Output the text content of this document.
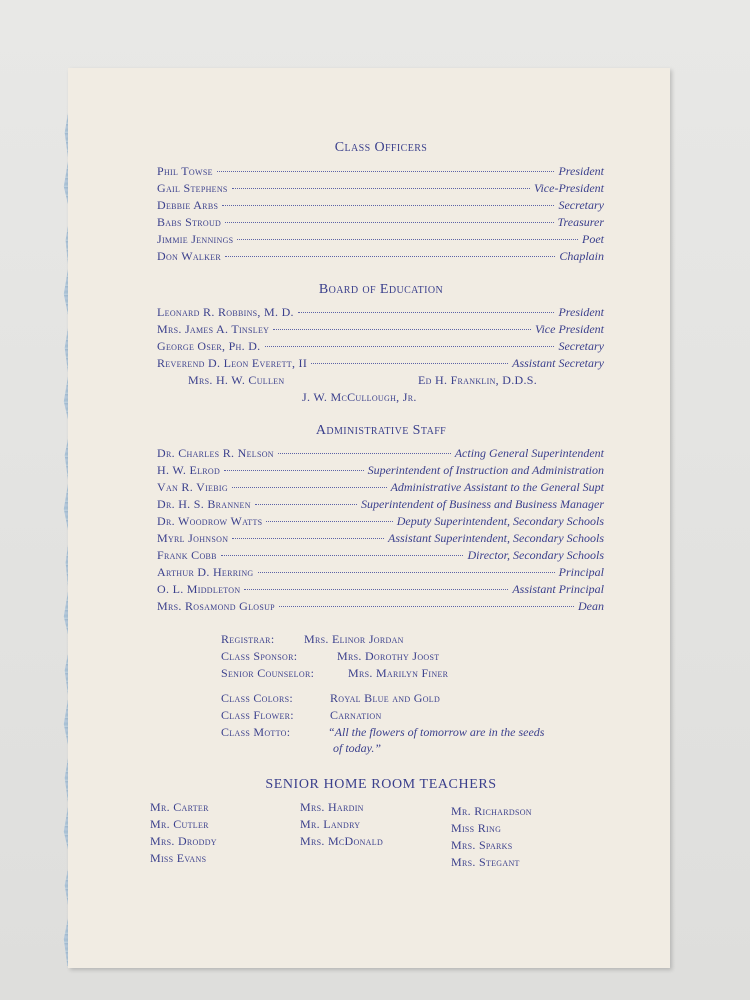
Class Officers
Phil Towse	President
Gail Stephens	Vice-President
Debbie Arbs	Secretary
Babs Stroud	Treasurer
Jimmie Jennings	Poet
Don Walker	Chaplain
Board of Education
Leonard R. Robbins, M. D.	President
Mrs. James A. Tinsley	Vice President
George Oser, Ph. D.	Secretary
Reverend D. Leon Everett, II	Assistant Secretary
Mrs. H. W. Cullen	Ed H. Franklin, D.D.S.
J. W. McCullough, Jr.
Administrative Staff
Dr. Charles R. Nelson	Acting General Superintendent
H. W. Elrod	Superintendent of Instruction and Administration
Van R. Viebig	Administrative Assistant to the General Supt
Dr. H. S. Brannen	Superintendent of Business and Business Manager
Dr. Woodrow Watts	Deputy Superintendent, Secondary Schools
Myrl Johnson	Assistant Superintendent, Secondary Schools
Frank Cobb	Director, Secondary Schools
Arthur D. Herring	Principal
O. L. Middleton	Assistant Principal
Mrs. Rosamond Glosup	Dean
Registrar: Mrs. Elinor Jordan
Class Sponsor:	Mrs. Dorothy Joost
Senior Counselor:	Mrs. Marilyn Finer
Class Colors:	Royal Blue and Gold
Class Flower:	Carnation
Class Motto:	“All the flowers of tomorrow are in the seeds
of today.”
SENIOR HOME ROOM TEACHERS
Mr. Carter
Mr. Cutler
Mrs. Droddy
Miss Evans
Mrs. Hardin
Mr. Landry
Mrs. McDonald
Mr. Richardson
Miss Ring
Mrs. Sparks
Mrs. Stegant
